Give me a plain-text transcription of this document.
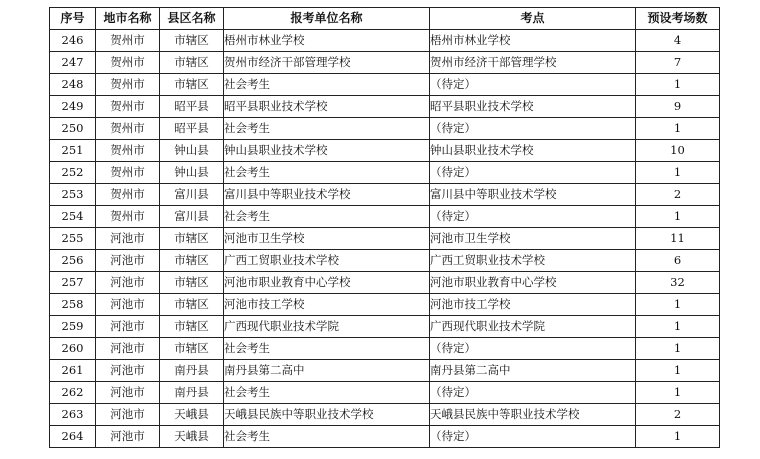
序号	地市名称	县区名称	报考单位名称	考点	预设考场数
246	贺州市	市辖区	梧州市林业学校	梧州市林业学校	4
247	贺州市	市辖区	贺州市经济干部管理学校	贺州市经济干部管理学校	7
248	贺州市	市辖区	社会考生	（待定）	1
249	贺州市	昭平县	昭平县职业技术学校	昭平县职业技术学校	9
250	贺州市	昭平县	社会考生	（待定）	1
251	贺州市	钟山县	钟山县职业技术学校	钟山县职业技术学校	10
252	贺州市	钟山县	社会考生	（待定）	1
253	贺州市	富川县	富川县中等职业技术学校	富川县中等职业技术学校	2
254	贺州市	富川县	社会考生	（待定）	1
255	河池市	市辖区	河池市卫生学校	河池市卫生学校	11
256	河池市	市辖区	广西工贸职业技术学校	广西工贸职业技术学校	6
257	河池市	市辖区	河池市职业教育中心学校	河池市职业教育中心学校	32
258	河池市	市辖区	河池市技工学校	河池市技工学校	1
259	河池市	市辖区	广西现代职业技术学院	广西现代职业技术学院	1
260	河池市	市辖区	社会考生	（待定）	1
261	河池市	南丹县	南丹县第二高中	南丹县第二高中	1
262	河池市	南丹县	社会考生	（待定）	1
263	河池市	天峨县	天峨县民族中等职业技术学校	天峨县民族中等职业技术学校	2
264	河池市	天峨县	社会考生	（待定）	1
